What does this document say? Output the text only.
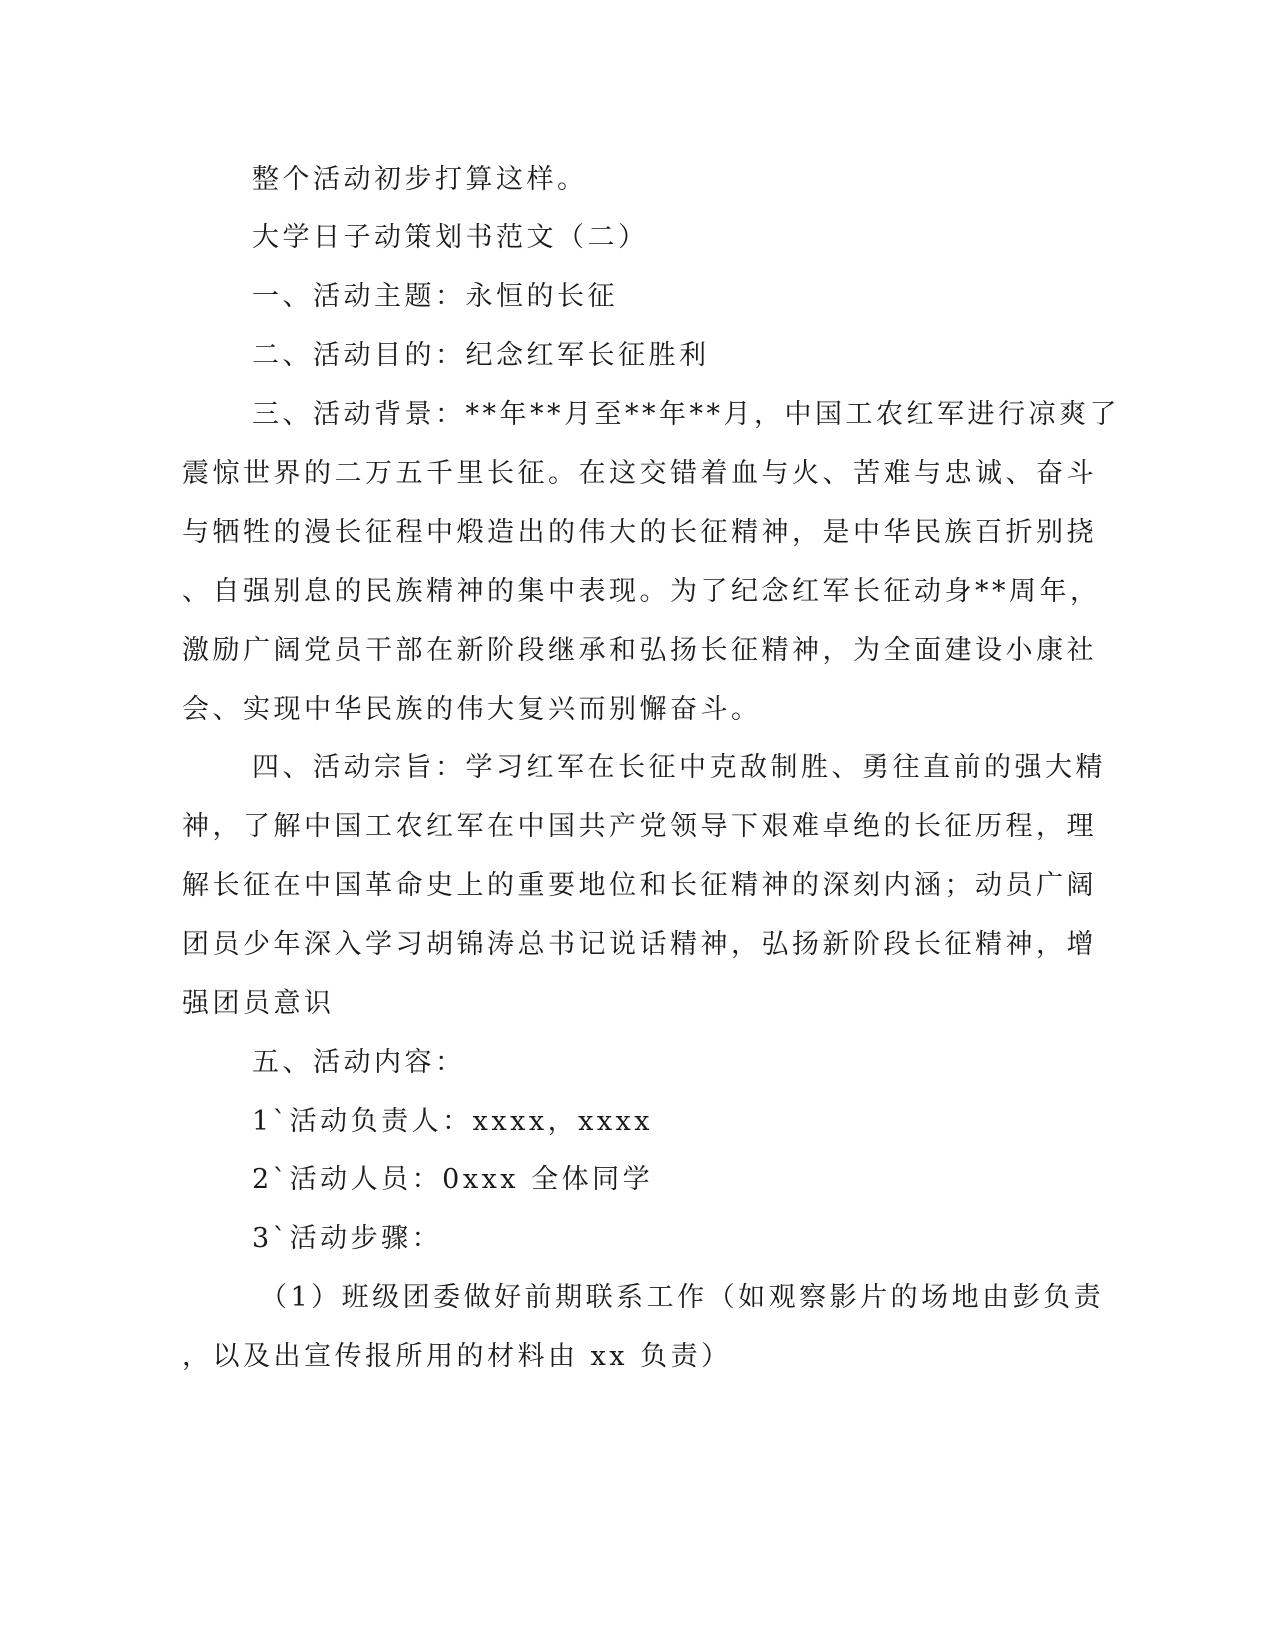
整个活动初步打算这样。

大学日子动策划书范文（二）

一、活动主题：永恒的长征

二、活动目的：纪念红军长征胜利

三、活动背景：**年**月至**年**月，中国工农红军进行凉爽了

震惊世界的二万五千里长征。在这交错着血与火、苦难与忠诚、奋斗

与牺牲的漫长征程中煅造出的伟大的长征精神，是中华民族百折别挠

、自强别息的民族精神的集中表现。为了纪念红军长征动身**周年，

激励广阔党员干部在新阶段继承和弘扬长征精神，为全面建设小康社

会、实现中华民族的伟大复兴而别懈奋斗。

四、活动宗旨：学习红军在长征中克敌制胜、勇往直前的强大精

神，了解中国工农红军在中国共产党领导下艰难卓绝的长征历程，理

解长征在中国革命史上的重要地位和长征精神的深刻内涵；动员广阔

团员少年深入学习胡锦涛总书记说话精神，弘扬新阶段长征精神，增

强团员意识

五、活动内容：

1`活动负责人：xxxx，xxxx

2`活动人员：0xxx 全体同学

3`活动步骤：

（1）班级团委做好前期联系工作（如观察影片的场地由彭负责

，以及出宣传报所用的材料由 xx 负责）
